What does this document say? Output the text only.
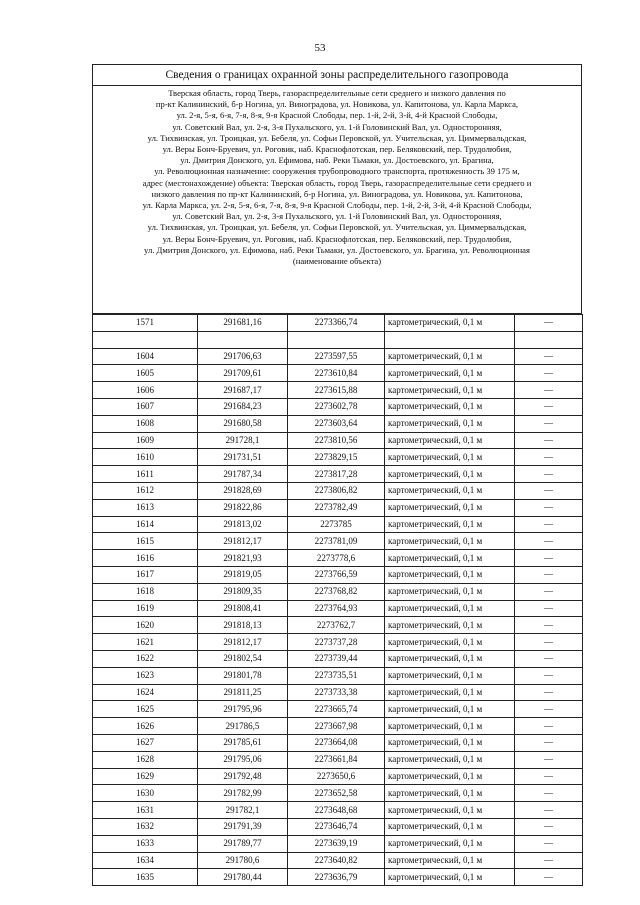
53
Сведения о границах охранной зоны распределительного газопровода
Тверская область, город Тверь, газораспределительные сети среднего и низкого давления по
пр-кт Калининский, б-р Ногина, ул. Виноградова, ул. Новикова, ул. Капитонова, ул. Карла Маркса,
ул. 2-я, 5-я, 6-я, 7-я, 8-я, 9-я Красной Слободы, пер. 1-й, 2-й, 3-й, 4-й Красной Слободы,
ул. Советский Вал, ул. 2-я, 3-я Пухальского, ул. 1-й Головинский Вал, ул. Односторонняя,
ул. Тихвинская, ул. Троицкая, ул. Бебеля, ул. Софьи Перовской, ул. Учительская, ул. Циммервальдская,
ул. Веры Бонч-Бруевич, ул. Роговик, наб. Краснофлотская, пер. Беляковский, пер. Трудолюбия,
ул. Дмитрия Донского, ул. Ефимова, наб. Реки Тьмаки, ул. Достоевского, ул. Брагина,
ул. Революционная назначение: сооружения трубопроводного транспорта, протяженность 39 175 м,
адрес (местонахождение) объекта: Тверская область, город Тверь, газораспределительные сети среднего и
низкого давления по пр-кт Калининский, б-р Ногина, ул. Виноградова, ул. Новикова, ул. Капитонова,
ул. Карла Маркса, ул. 2-я, 5-я, 6-я, 7-я, 8-я, 9-я Красной Слободы, пер. 1-й, 2-й, 3-й, 4-й Красной Слободы,
ул. Советский Вал, ул. 2-я, 3-я Пухальского, ул. 1-й Головинский Вал, ул. Односторонняя,
ул. Тихвинская, ул. Троицкая, ул. Бебеля, ул. Софьи Перовской, ул. Учительская, ул. Циммервальдская,
ул. Веры Бонч-Бруевич, ул. Роговик, наб. Краснофлотская, пер. Беляковский, пер. Трудолюбия,
ул. Дмитрия Донского, ул. Ефимова, наб. Реки Тьмаки, ул. Достоевского, ул. Брагина, ул. Революционная
(наименование объекта)
1571	291681,16	2273366,74	картометрический, 0,1 м	—

1604	291706,63	2273597,55	картометрический, 0,1 м	—
1605	291709,61	2273610,84	картометрический, 0,1 м	—
1606	291687,17	2273615,88	картометрический, 0,1 м	—
1607	291684,23	2273602,78	картометрический, 0,1 м	—
1608	291680,58	2273603,64	картометрический, 0,1 м	—
1609	291728,1	2273810,56	картометрический, 0,1 м	—
1610	291731,51	2273829,15	картометрический, 0,1 м	—
1611	291787,34	2273817,28	картометрический, 0,1 м	—
1612	291828,69	2273806,82	картометрический, 0,1 м	—
1613	291822,86	2273782,49	картометрический, 0,1 м	—
1614	291813,02	2273785	картометрический, 0,1 м	—
1615	291812,17	2273781,09	картометрический, 0,1 м	—
1616	291821,93	2273778,6	картометрический, 0,1 м	—
1617	291819,05	2273766,59	картометрический, 0,1 м	—
1618	291809,35	2273768,82	картометрический, 0,1 м	—
1619	291808,41	2273764,93	картометрический, 0,1 м	—
1620	291818,13	2273762,7	картометрический, 0,1 м	—
1621	291812,17	2273737,28	картометрический, 0,1 м	—
1622	291802,54	2273739,44	картометрический, 0,1 м	—
1623	291801,78	2273735,51	картометрический, 0,1 м	—
1624	291811,25	2273733,38	картометрический, 0,1 м	—
1625	291795,96	2273665,74	картометрический, 0,1 м	—
1626	291786,5	2273667,98	картометрический, 0,1 м	—
1627	291785,61	2273664,08	картометрический, 0,1 м	—
1628	291795,06	2273661,84	картометрический, 0,1 м	—
1629	291792,48	2273650,6	картометрический, 0,1 м	—
1630	291782,99	2273652,58	картометрический, 0,1 м	—
1631	291782,1	2273648,68	картометрический, 0,1 м	—
1632	291791,39	2273646,74	картометрический, 0,1 м	—
1633	291789,77	2273639,19	картометрический, 0,1 м	—
1634	291780,6	2273640,82	картометрический, 0,1 м	—
1635	291780,44	2273636,79	картометрический, 0,1 м	—
